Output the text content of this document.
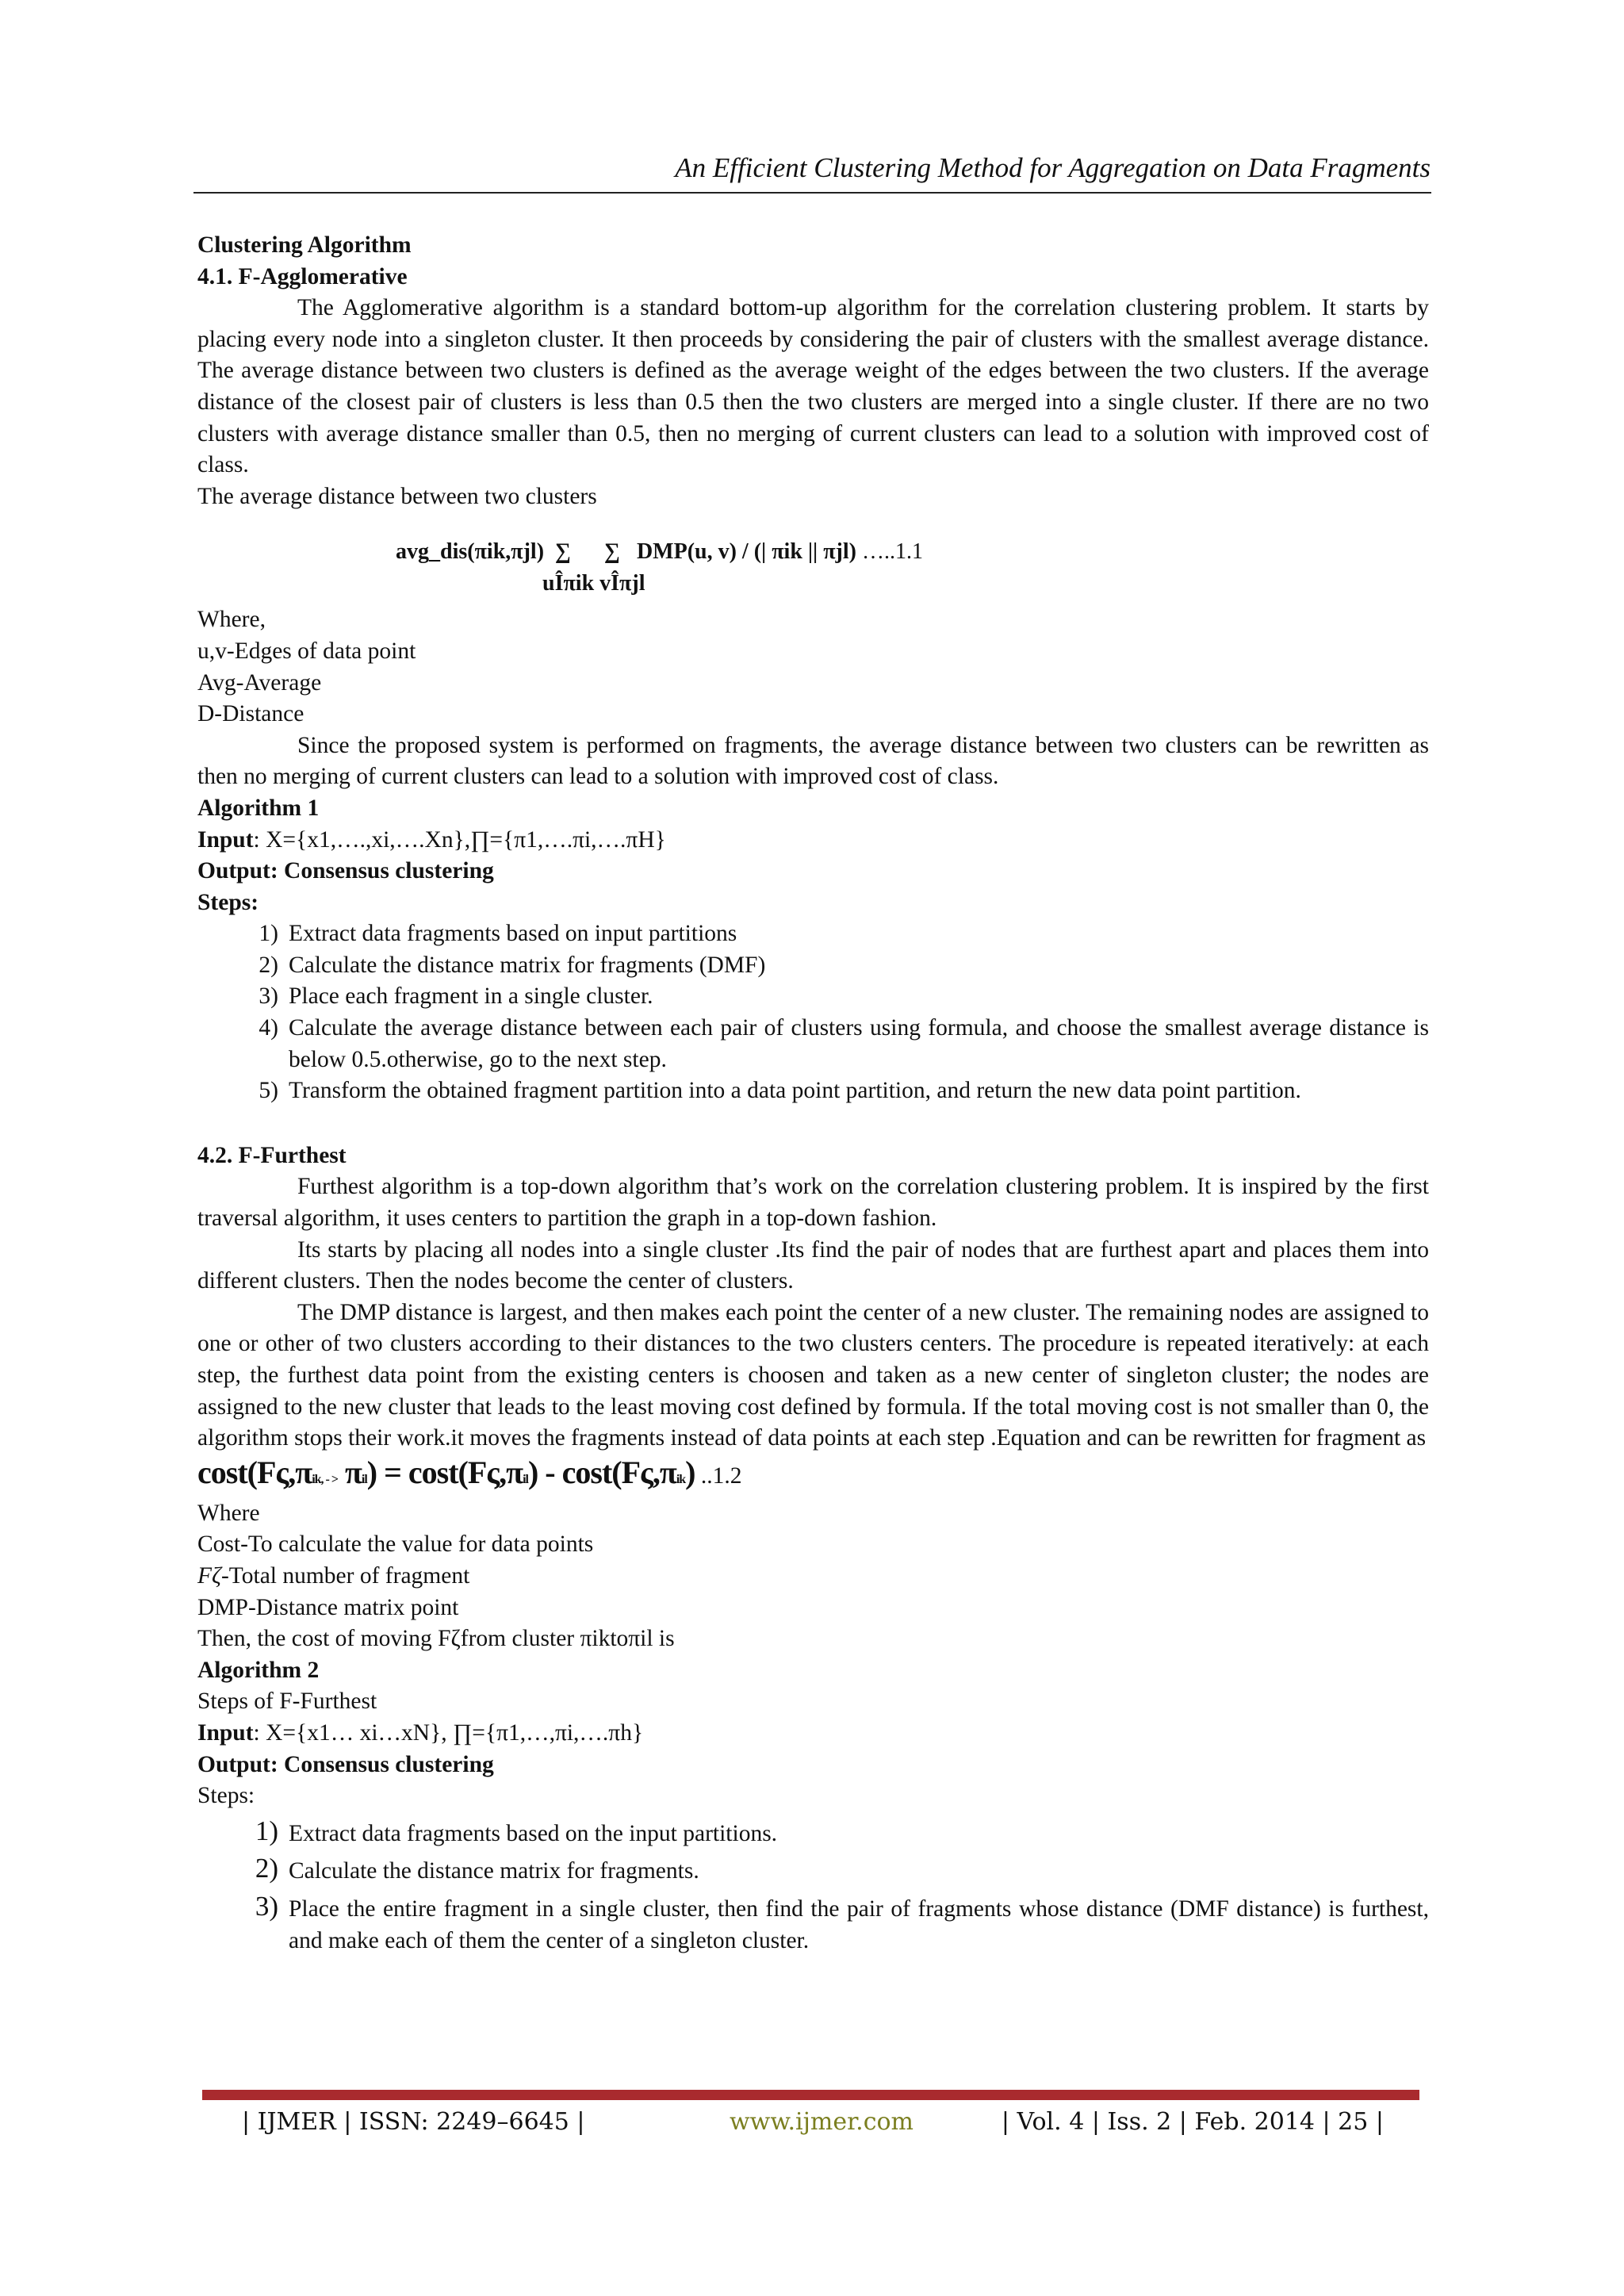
An Efficient Clustering Method for Aggregation on Data Fragments

Clustering Algorithm

4.1. F-Agglomerative

The Agglomerative algorithm is a standard bottom-up algorithm for the correlation clustering problem. It starts by placing every node into a singleton cluster. It then proceeds by considering the pair of clusters with the smallest average distance. The average distance between two clusters is defined as the average weight of the edges between the two clusters. If the average distance of the closest pair of clusters is less than 0.5 then the two clusters are merged into a single cluster. If there are no two clusters with average distance smaller than 0.5, then no merging of current clusters can lead to a solution with improved cost of class.

The average distance between two clusters

avg_dis(πik,πjl)  ∑      ∑   DMP(u, v) / (| πik || πjl) …..1.1
uÎπik vÎπjl

Where,

u,v-Edges of data point

Avg-Average

D-Distance

Since the proposed system is performed on fragments, the average distance between two clusters can be rewritten as then no merging of current clusters can lead to a solution with improved cost of class.

Algorithm 1

Input: X={x1,….,xi,….Xn},∏={π1,….πi,….πH}

Output: Consensus clustering

Steps:

1) Extract data fragments based on input partitions
2) Calculate the distance matrix for fragments (DMF)
3) Place each fragment in a single cluster.
4) Calculate the average distance between each pair of clusters using formula, and choose the smallest average distance is below 0.5.otherwise, go to the next step.
5) Transform the obtained fragment partition into a data point partition, and return the new data point partition.

4.2. F-Furthest

Furthest algorithm is a top-down algorithm that’s work on the correlation clustering problem. It is inspired by the first traversal algorithm, it uses centers to partition the graph in a top-down fashion.

Its starts by placing all nodes into a single cluster .Its find the pair of nodes that are furthest apart and places them into different clusters. Then the nodes become the center of clusters.

The DMP distance is largest, and then makes each point the center of a new cluster. The remaining nodes are assigned to one or other of two clusters according to their distances to the two clusters centers. The procedure is repeated iteratively: at each step, the furthest data point from the existing centers is choosen and taken as a new center of singleton cluster; the nodes are assigned to the new cluster that leads to the least moving cost defined by formula. If the total moving cost is not smaller than 0, the algorithm stops their work.it moves the fragments instead of data points at each step .Equation and can be rewritten for fragment as

cost(Fς,πik, - > πil) = cost(Fς,πil) - cost(Fς,πik) ..1.2

Where

Cost-To calculate the value for data points

Fζ-Total number of fragment

DMP-Distance matrix point

Then, the cost of moving Fζfrom cluster πiktoπil is

Algorithm 2

Steps of F-Furthest

Input: X={x1… xi…xN}, ∏={π1,…,πi,….πh}

Output: Consensus clustering

Steps:

1) Extract data fragments based on the input partitions.
2) Calculate the distance matrix for fragments.
3) Place the entire fragment in a single cluster, then find the pair of fragments whose distance (DMF distance) is furthest, and make each of them the center of a singleton cluster.
| IJMER | ISSN: 2249–6645 |	www.ijmer.com	| Vol. 4 | Iss. 2 | Feb. 2014 | 25 |
